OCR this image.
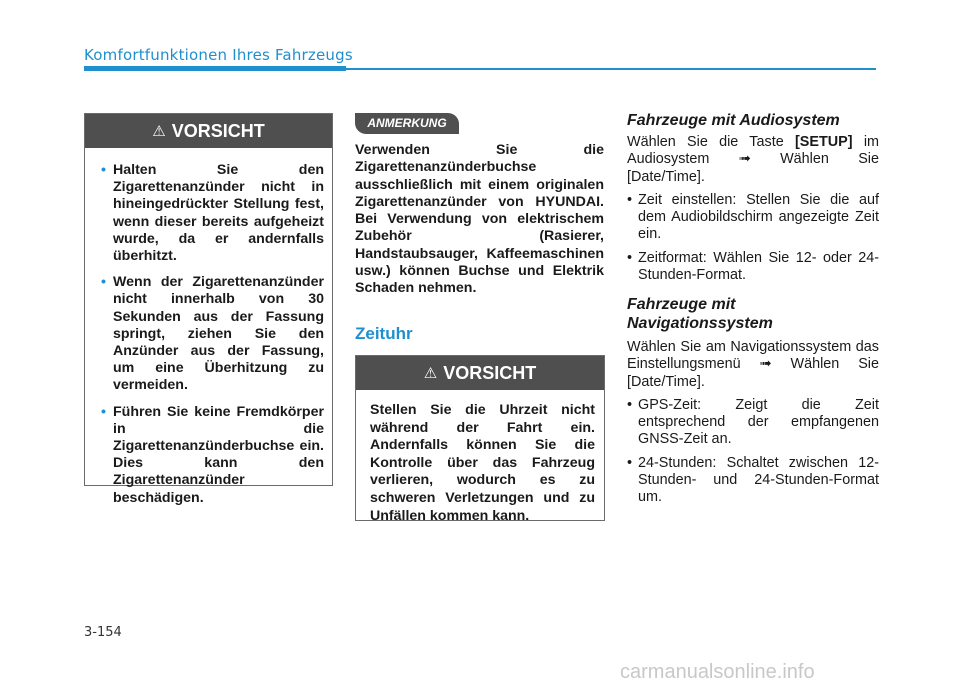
Komfortfunktionen Ihres Fahrzeugs
⚠ VORSICHT
• Halten Sie den Zigarettenanzünder nicht in hineingedrückter Stellung fest, wenn dieser bereits aufgeheizt wurde, da er andernfalls überhitzt.
• Wenn der Zigarettenanzünder nicht innerhalb von 30 Sekunden aus der Fassung springt, ziehen Sie den Anzünder aus der Fassung, um eine Überhitzung zu vermeiden.
• Führen Sie keine Fremdkörper in die Zigarettenanzünderbuchse ein. Dies kann den Zigarettenanzünder beschädigen.
ANMERKUNG

Verwenden Sie die Zigarettenanzünderbuchse ausschließlich mit einem originalen Zigarettenanzünder von HYUNDAI. Bei Verwendung von elektrischem Zubehör (Rasierer, Handstaubsauger, Kaffeemaschinen usw.) können Buchse und Elektrik Schaden nehmen.

Zeituhr
⚠ VORSICHT
Stellen Sie die Uhrzeit nicht während der Fahrt ein. Andernfalls können Sie die Kontrolle über das Fahrzeug verlieren, wodurch es zu schweren Verletzungen und zu Unfällen kommen kann.
Fahrzeuge mit Audiosystem

Wählen Sie die Taste [SETUP] im Audiosystem ➟ Wählen Sie [Date/Time].

• Zeit einstellen: Stellen Sie die auf dem Audiobildschirm angezeigte Zeit ein.
• Zeitformat: Wählen Sie 12- oder 24-Stunden-Format.
Fahrzeuge mit
Navigationssystem

Wählen Sie am Navigationssystem das Einstellungsmenü ➟ Wählen Sie [Date/Time].

• GPS-Zeit: Zeigt die Zeit entsprechend der empfangenen GNSS-Zeit an.
• 24-Stunden: Schaltet zwischen 12-Stunden- und 24-Stunden-Format um.
3-154
carmanualsonline.info
